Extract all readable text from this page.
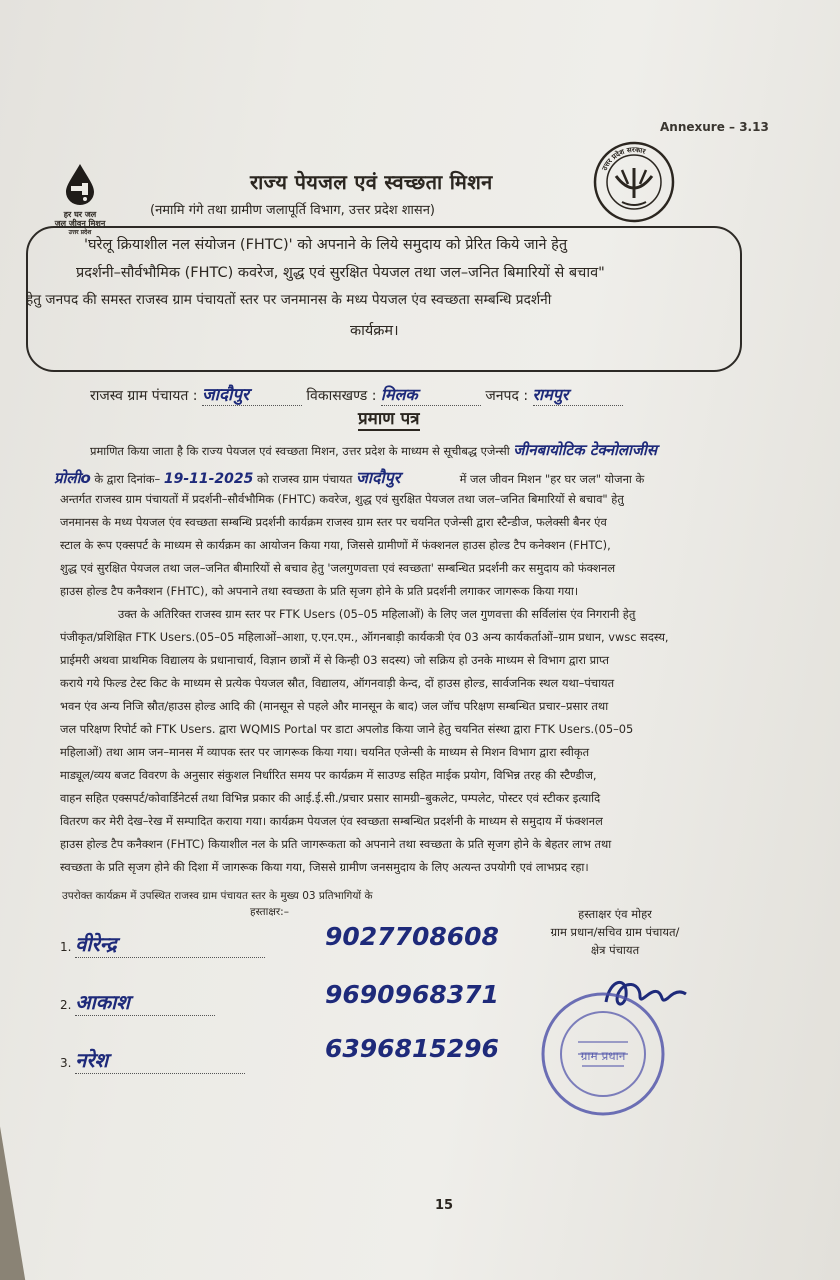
Annexure – 3.13
हर घर जल
जल जीवन मिशन
उत्तर प्रदेश
उत्तर प्रदेश सरकार
राज्य पेयजल एवं स्वच्छता मिशन
(नमामि गंगे तथा ग्रामीण जलापूर्ति विभाग, उत्तर प्रदेश शासन)
'घरेलू क्रियाशील नल संयोजन (FHTC)' को अपनाने के लिये समुदाय को प्रेरित किये जाने हेतु
प्रदर्शनी–सौर्वभौमिक (FHTC) कवरेज, शुद्ध एवं सुरक्षित पेयजल तथा जल–जनित बिमारियों से बचाव"
हेतु जनपद की समस्त राजस्व ग्राम पंचायतों स्तर पर जनमानस के मध्य पेयजल एंव स्वच्छता सम्बन्धि प्रदर्शनी
कार्यक्रम।
राजस्व ग्राम पंचायत : जादौपुर	विकासखण्ड : मिलक	जनपद : रामपुर
प्रमाण पत्र
प्रमाणित किया जाता है कि राज्य पेयजल एवं स्वच्छता मिशन, उत्तर प्रदेश के माध्यम से सूचीबद्ध एजेन्सी जीनबायोटिक टेक्नोलाजीस
प्रोलीo के द्वारा दिनांक– 19-11-2025 को राजस्व ग्राम पंचायत जादौपुर	में जल जीवन मिशन "हर घर जल" योजना के
अन्तर्गत राजस्व ग्राम पंचायतों में प्रदर्शनी–सौर्वभौमिक (FHTC) कवरेज, शुद्ध एवं सुरक्षित पेयजल तथा जल–जनित बिमारियों से बचाव" हेतु
जनमानस के मध्य पेयजल एंव स्वच्छता सम्बन्धि प्रदर्शनी कार्यक्रम राजस्व ग्राम स्तर पर चयनित एजेन्सी द्वारा स्टैन्डीज, फलेक्सी बैनर एंव
स्टाल के रूप एक्सपर्ट के माध्यम से कार्यक्रम का आयोजन किया गया, जिससे ग्रामीणों में फंक्शनल हाउस होल्ड टैप कनेक्शन (FHTC),
शुद्ध एवं सुरक्षित पेयजल तथा जल–जनित बीमारियों से बचाव हेतु 'जलगुणवत्ता एवं स्वच्छता' सम्बन्धित प्रदर्शनी कर समुदाय को फंक्शनल
हाउस होल्ड टैप कनैक्शन (FHTC), को अपनाने तथा स्वच्छता के प्रति सृजग होने के प्रति प्रदर्शनी लगाकर जागरूक किया गया।
उक्त के अतिरिक्त राजस्व ग्राम स्तर पर FTK Users (05–05 महिलाओं) के लिए जल गुणवत्ता की सर्विलांस एंव निगरानी हेतु
पंजीकृत/प्रशिक्षित FTK Users.(05–05 महिलाओं–आशा, ए.एन.एम., ऑगनबाड़ी कार्यकत्री एंव 03 अन्य कार्यकर्ताओं–ग्राम प्रधान, vwsc सदस्य,
प्राईमरी अथवा प्राथमिक विद्यालय के प्रधानाचार्य, विज्ञान छात्रों में से किन्ही 03 सदस्य) जो सक्रिय हो उनके माध्यम से विभाग द्वारा प्राप्त
कराये गये फिल्ड टेस्ट किट के माध्यम से प्रत्येक पेयजल स्रौत, विद्यालय, ऑगनवाड़ी केन्द, दों हाउस होल्ड, सार्वजनिक स्थल यथा–पंचायत
भवन एंव अन्य निजि स्रौत/हाउस होल्ड आदि की (मानसून से पहले और मानसून के बाद) जल जॉच परिक्षण सम्बन्धित प्रचार–प्रसार तथा
जल परिक्षण रिपोर्ट को FTK Users. द्वारा WQMIS Portal पर डाटा अपलोड किया जाने हेतु चयनित संस्था द्वारा FTK Users.(05–05
महिलाओं) तथा आम जन–मानस में व्यापक स्तर पर जागरूक किया गया। चयनित एजेन्सी के माध्यम से मिशन विभाग द्वारा स्वीकृत
माड्यूल/व्यय बजट विवरण के अनुसार संकुशल निर्धारित समय पर कार्यक्रम में साउण्ड सहित माईक प्रयोग, विभिन्न तरह की स्टैण्डीज,
वाहन सहित एक्सपर्ट/कोवार्डिनेटर्स तथा विभिन्न प्रकार की आई.ई.सी./प्रचार प्रसार सामग्री–बुकलेट, पम्पलेट, पोस्टर एवं स्टीकर इत्यादि
वितरण कर मेरी देख–रेख में सम्पादित कराया गया। कार्यक्रम पेयजल एंव स्वच्छता सम्बन्धित प्रदर्शनी के माध्यम से समुदाय में फंक्शनल
हाउस होल्ड टैप कनैक्शन (FHTC) कियाशील नल के प्रति जागरूकता को अपनाने तथा स्वच्छता के प्रति सृजग होने के बेहतर लाभ तथा
स्वच्छता के प्रति सृजग होने की दिशा में जागरूक किया गया, जिससे ग्रामीण जनसमुदाय के लिए अत्यन्त उपयोगी एवं लाभप्रद रहा।
उपरोक्त कार्यक्रम में उपस्थित राजस्व ग्राम पंचायत स्तर के मुख्य 03 प्रतिभागियों के
हस्ताक्षर:–
1. वीरेन्द्र	9027708608
2. आकाश	9690968371
3. नरेश	6396815296
हस्ताक्षर एंव मोहर
ग्राम प्रधान/सचिव ग्राम पंचायत/
क्षेत्र पंचायत
ग्राम प्रधान
15
